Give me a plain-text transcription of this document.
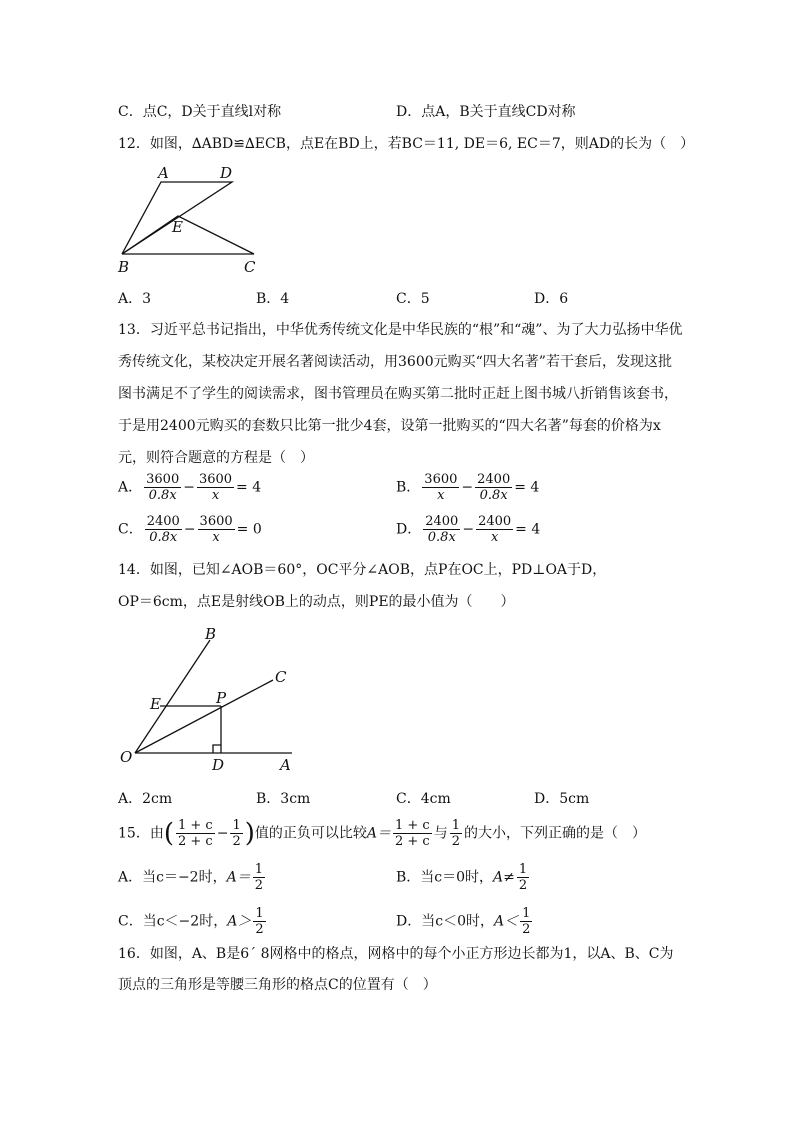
C．点C，D关于直线l对称	D．点A，B关于直线CD对称
12．如图，∆ABD≌∆ECB，点E在BD上，若BC＝11, DE＝6, EC＝7，则AD的长为（　）
A	D
E
B	C
A．3	B．4	C．5	D．6
13．习近平总书记指出，中华优秀传统文化是中华民族的“根”和“魂”、为了大力弘扬中华优
秀传统文化，某校决定开展名著阅读活动，用3600元购买“四大名著”若干套后，发现这批
图书满足不了学生的阅读需求，图书管理员在购买第二批时正赶上图书城八折销售该套书，
于是用2400元购买的套数只比第一批少4套，设第一批购买的“四大名著”每套的价格为x
元，则符合题意的方程是（　）
A． $\frac{3600}{0.8x} - \frac{3600}{x} = 4$	B． $\frac{3600}{x} - \frac{2400}{0.8x} = 4$
C． $\frac{2400}{0.8x} - \frac{3600}{x} = 0$	D． $\frac{2400}{0.8x} - \frac{2400}{x} = 4$
14．如图，已知∠AOB＝60°，OC平分∠AOB，点P在OC上，PD⊥OA于D，
OP＝6cm，点E是射线OB上的动点，则PE的最小值为（　　）
B
C
E	P
O	D	A
A．2cm	B．3cm	C．4cm	D．5cm
15．由( $\frac{1 + c}{2 + c} - \frac{1}{2}$ )值的正负可以比较$A= \frac{1 + c}{2 + c}$ 与 $\frac{1}{2}$ 的大小，下列正确的是（　）
A．当c＝−2时，$A= \frac{1}{2}$	B．当c＝0时，$A\ne \frac{1}{2}$
C．当c＜−2时，$A> \frac{1}{2}$	D．当c＜0时，$A< \frac{1}{2}$
16．如图，A、B是6´ 8网格中的格点，网格中的每个小正方形边长都为1，以A、B、C为
顶点的三角形是等腰三角形的格点C的位置有（　）
